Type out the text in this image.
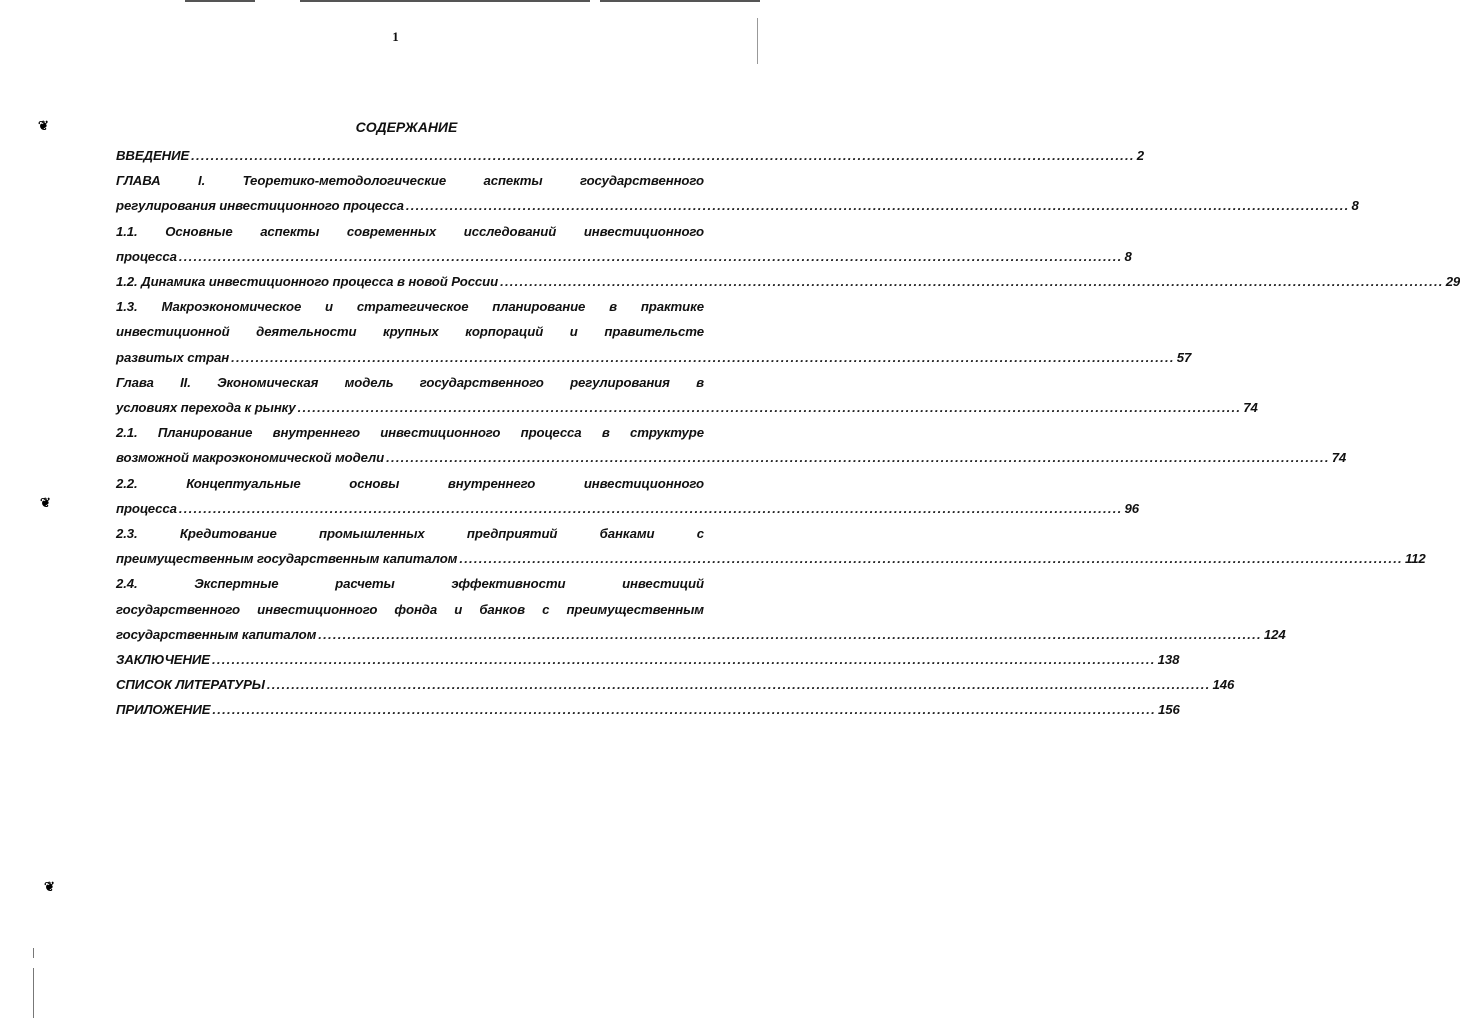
1
❦
❦
❦
СОДЕРЖАНИЕ
ВВЕДЕНИЕ .................................................................................................................................................................................................. 2
ГЛАВА	I.	Теоретико-методологические	аспекты	государственного
регулирования инвестиционного процесса .................................................................................................................................................................................................. 8
1.1. Основные аспекты современных исследований инвестиционного
процесса .................................................................................................................................................................................................. 8
1.2. Динамика инвестиционного процесса в новой России .................................................................................................................................................................................................. 29
1.3. Макроэкономическое и стратегическое планирование в практике
инвестиционной деятельности крупных корпораций и правительсте
развитых стран .................................................................................................................................................................................................. 57
Глава II. Экономическая модель государственного регулирования в
условиях перехода к рынку .................................................................................................................................................................................................. 74
2.1. Планирование внутреннего инвестиционного процесса в структуре
возможной макроэкономической модели .................................................................................................................................................................................................. 74
2.2.	Концептуальные	основы	внутреннего	инвестиционного
процесса .................................................................................................................................................................................................. 96
2.3.	Кредитование	промышленных	предприятий	банками	с
преимущественным государственным капиталом .................................................................................................................................................................................................. 112
2.4.	Экспертные	расчеты	эффективности	инвестиций
государственного инвестиционного фонда и банков с преимущественным
государственным капиталом .................................................................................................................................................................................................. 124
ЗАКЛЮЧЕНИЕ .................................................................................................................................................................................................. 138
СПИСОК ЛИТЕРАТУРЫ .................................................................................................................................................................................................. 146
ПРИЛОЖЕНИЕ .................................................................................................................................................................................................. 156
